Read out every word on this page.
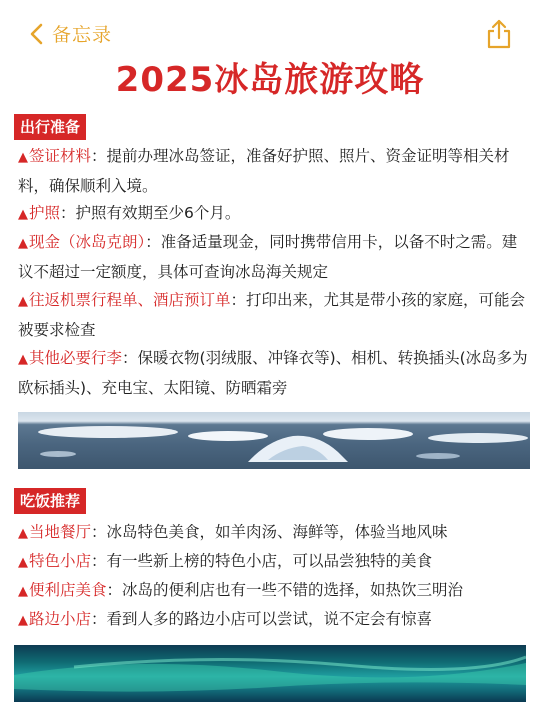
备忘录
2025冰岛旅游攻略
出行准备
▲签证材料：提前办理冰岛签证，准备好护照、照片、资金证明等相关材料，确保顺利入境。
▲护照：护照有效期至少6个月。
▲现金（冰岛克朗）：准备适量现金，同时携带信用卡，以备不时之需。建议不超过一定额度，具体可查询冰岛海关规定
▲往返机票行程单、酒店预订单：打印出来，尤其是带小孩的家庭，可能会被要求检查
▲其他必要行李：保暖衣物(羽绒服、冲锋衣等)、相机、转换插头(冰岛多为欧标插头)、充电宝、太阳镜、防晒霜旁
吃饭推荐
▲当地餐厅：冰岛特色美食，如羊肉汤、海鲜等，体验当地风味
▲特色小店：有一些新上榜的特色小店，可以品尝独特的美食
▲便利店美食：冰岛的便利店也有一些不错的选择，如热饮三明治
▲路边小店：看到人多的路边小店可以尝试，说不定会有惊喜
